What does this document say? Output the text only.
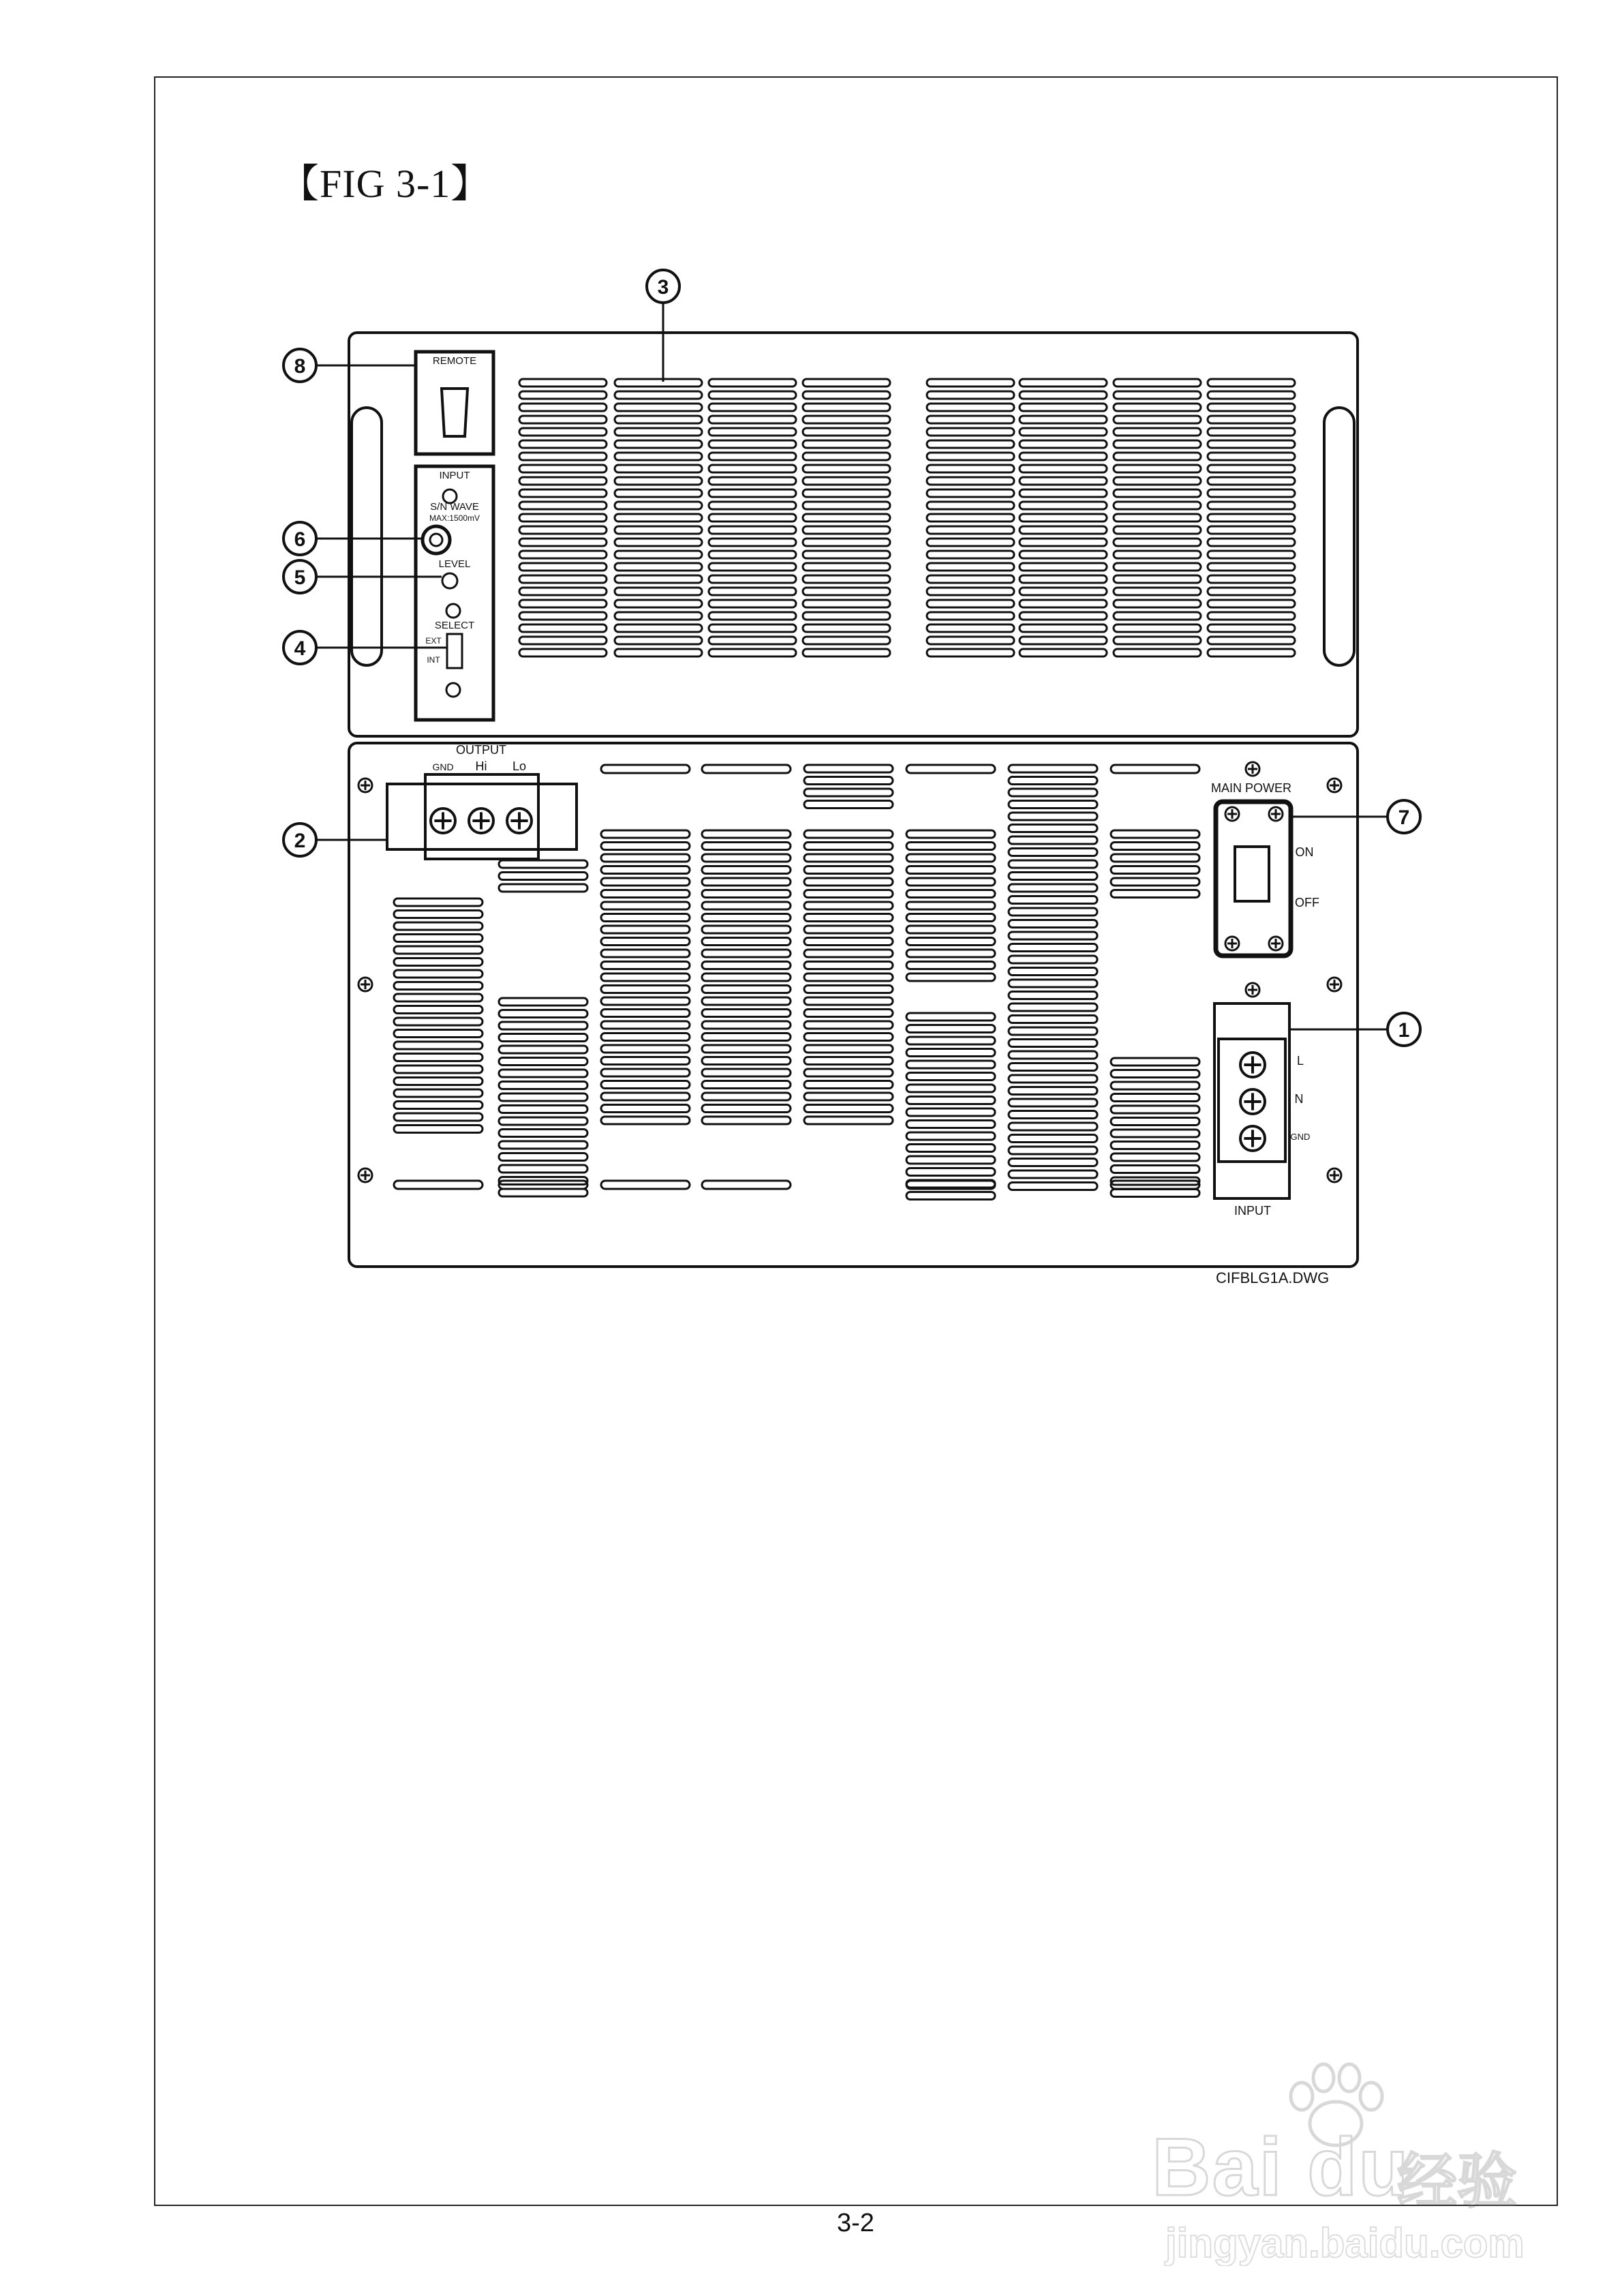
【FIG 3-1】
REMOTE
INPUT
S/N WAVE
MAX:1500mV
LEVEL
SELECT
EXT
INT
OUTPUT
GND Hi Lo
MAIN POWER
ON
OFF
INPUT
L
N
GND
8
6
5
4
2
3
7
1
CIFBLG1A.DWG
3-2
Bai du
经验
jingyan.baidu.com
